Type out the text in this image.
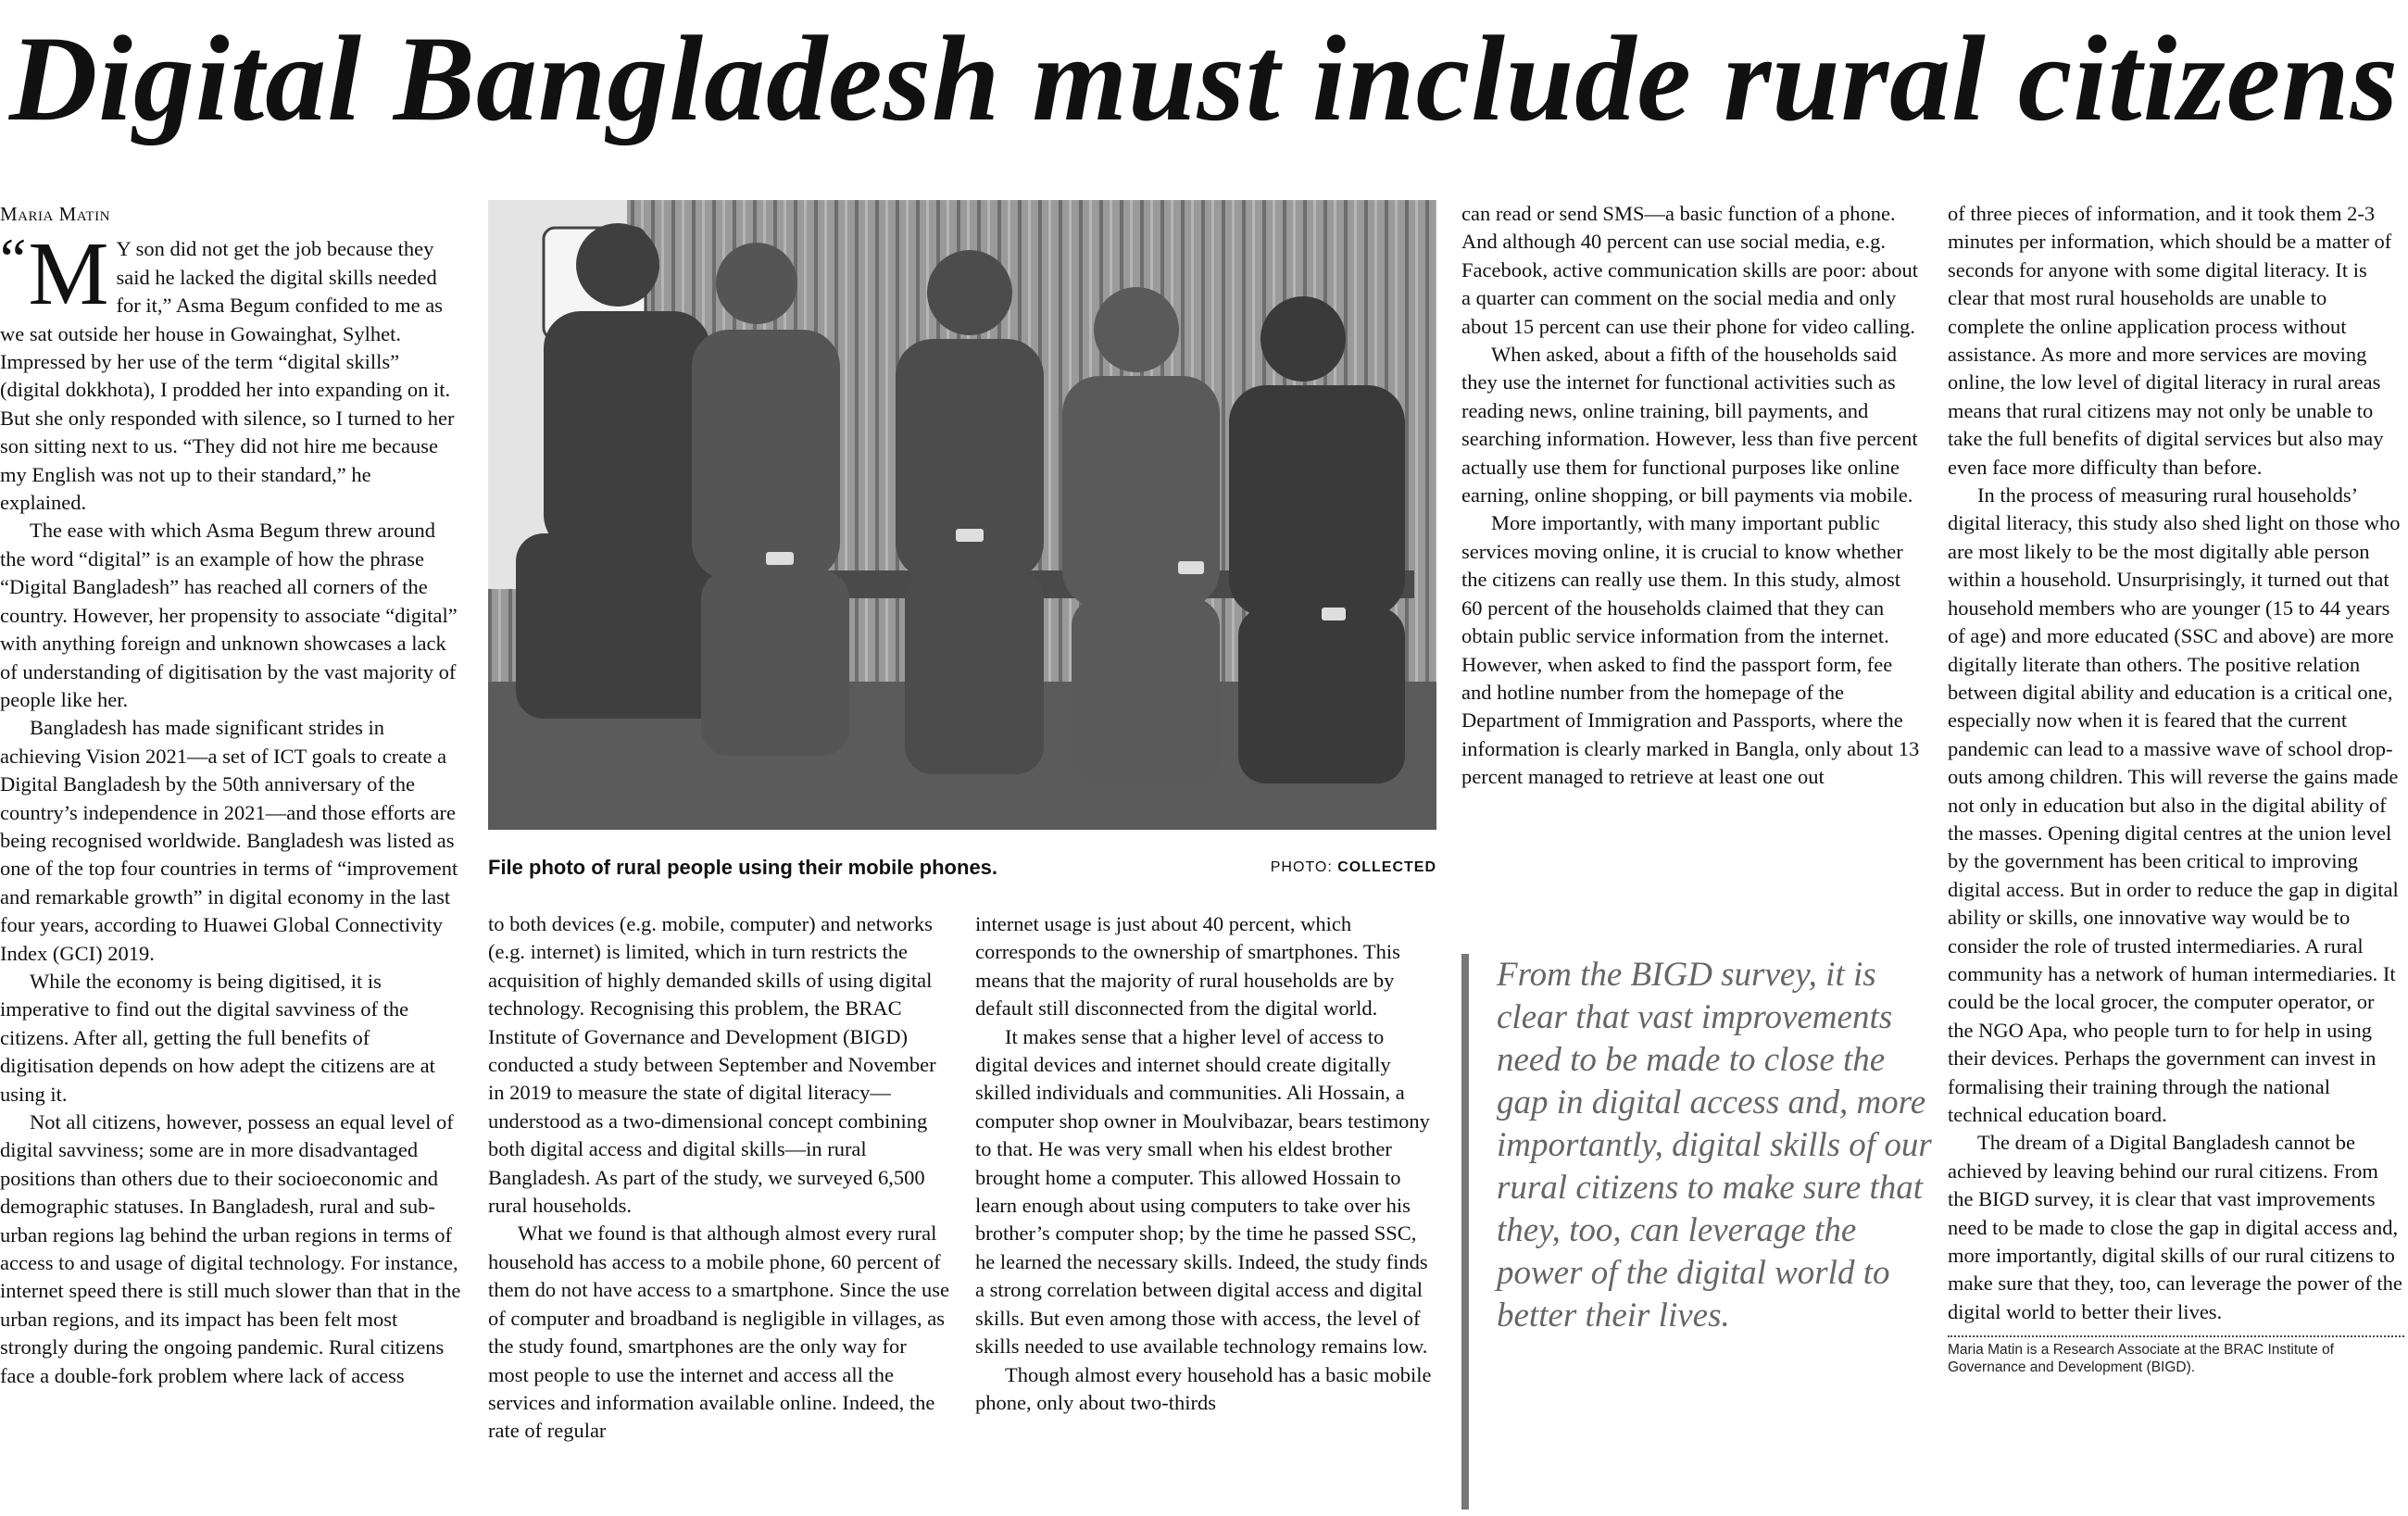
Digital Bangladesh must include rural citizens
Maria Matin

“ M Y son did not get the job because they said he lacked the digital skills needed for it,” Asma Begum confided to me as we sat outside her house in Gowainghat, Sylhet. Impressed by her use of the term “digital skills” (digital dokkhota), I prodded her into expanding on it. But she only responded with silence, so I turned to her son sitting next to us. “They did not hire me because my English was not up to their standard,” he explained.

The ease with which Asma Begum threw around the word “digital” is an example of how the phrase “Digital Bangladesh” has reached all corners of the country. However, her propensity to associate “digital” with anything foreign and unknown showcases a lack of understanding of digitisation by the vast majority of people like her.

Bangladesh has made significant strides in achieving Vision 2021—a set of ICT goals to create a Digital Bangladesh by the 50th anniversary of the country’s independence in 2021—and those efforts are being recognised worldwide. Bangladesh was listed as one of the top four countries in terms of “improvement and remarkable growth” in digital economy in the last four years, according to Huawei Global Connectivity Index (GCI) 2019.

While the economy is being digitised, it is imperative to find out the digital savviness of the citizens. After all, getting the full benefits of digitisation depends on how adept the citizens are at using it.

Not all citizens, however, possess an equal level of digital savviness; some are in more disadvantaged positions than others due to their socioeconomic and demographic statuses. In Bangladesh, rural and sub-urban regions lag behind the urban regions in terms of access to and usage of digital technology. For instance, internet speed there is still much slower than that in the urban regions, and its impact has been felt most strongly during the ongoing pandemic. Rural citizens face a double-fork problem where lack of access

File photo of rural people using their mobile phones.	PHOTO: COLLECTED

to both devices (e.g. mobile, computer) and networks (e.g. internet) is limited, which in turn restricts the acquisition of highly demanded skills of using digital technology. Recognising this problem, the BRAC Institute of Governance and Development (BIGD) conducted a study between September and November in 2019 to measure the state of digital literacy—understood as a two-dimensional concept combining both digital access and digital skills—in rural Bangladesh. As part of the study, we surveyed 6,500 rural households.

What we found is that although almost every rural household has access to a mobile phone, 60 percent of them do not have access to a smartphone. Since the use of computer and broadband is negligible in villages, as the study found, smartphones are the only way for most people to use the internet and access all the services and information available online. Indeed, the rate of regular

internet usage is just about 40 percent, which corresponds to the ownership of smartphones. This means that the majority of rural households are by default still disconnected from the digital world.

It makes sense that a higher level of access to digital devices and internet should create digitally skilled individuals and communities. Ali Hossain, a computer shop owner in Moulvibazar, bears testimony to that. He was very small when his eldest brother brought home a computer. This allowed Hossain to learn enough about using computers to take over his brother’s computer shop; by the time he passed SSC, he learned the necessary skills. Indeed, the study finds a strong correlation between digital access and digital skills. But even among those with access, the level of skills needed to use available technology remains low.

Though almost every household has a basic mobile phone, only about two-thirds

can read or send SMS—a basic function of a phone. And although 40 percent can use social media, e.g. Facebook, active communication skills are poor: about a quarter can comment on the social media and only about 15 percent can use their phone for video calling.

When asked, about a fifth of the households said they use the internet for functional activities such as reading news, online training, bill payments, and searching information. However, less than five percent actually use them for functional purposes like online earning, online shopping, or bill payments via mobile.

More importantly, with many important public services moving online, it is crucial to know whether the citizens can really use them. In this study, almost 60 percent of the households claimed that they can obtain public service information from the internet. However, when asked to find the passport form, fee and hotline number from the homepage of the Department of Immigration and Passports, where the information is clearly marked in Bangla, only about 13 percent managed to retrieve at least one out

From the BIGD survey, it is clear that vast improvements need to be made to close the gap in digital access and, more importantly, digital skills of our rural citizens to make sure that they, too, can leverage the power of the digital world to better their lives.

of three pieces of information, and it took them 2-3 minutes per information, which should be a matter of seconds for anyone with some digital literacy. It is clear that most rural households are unable to complete the online application process without assistance. As more and more services are moving online, the low level of digital literacy in rural areas means that rural citizens may not only be unable to take the full benefits of digital services but also may even face more difficulty than before.

In the process of measuring rural households’ digital literacy, this study also shed light on those who are most likely to be the most digitally able person within a household. Unsurprisingly, it turned out that household members who are younger (15 to 44 years of age) and more educated (SSC and above) are more digitally literate than others. The positive relation between digital ability and education is a critical one, especially now when it is feared that the current pandemic can lead to a massive wave of school drop-outs among children. This will reverse the gains made not only in education but also in the digital ability of the masses. Opening digital centres at the union level by the government has been critical to improving digital access. But in order to reduce the gap in digital ability or skills, one innovative way would be to consider the role of trusted intermediaries. A rural community has a network of human intermediaries. It could be the local grocer, the computer operator, or the NGO Apa, who people turn to for help in using their devices. Perhaps the government can invest in formalising their training through the national technical education board.

The dream of a Digital Bangladesh cannot be achieved by leaving behind our rural citizens. From the BIGD survey, it is clear that vast improvements need to be made to close the gap in digital access and, more importantly, digital skills of our rural citizens to make sure that they, too, can leverage the power of the digital world to better their lives.

Maria Matin is a Research Associate at the BRAC Institute of Governance and Development (BIGD).
